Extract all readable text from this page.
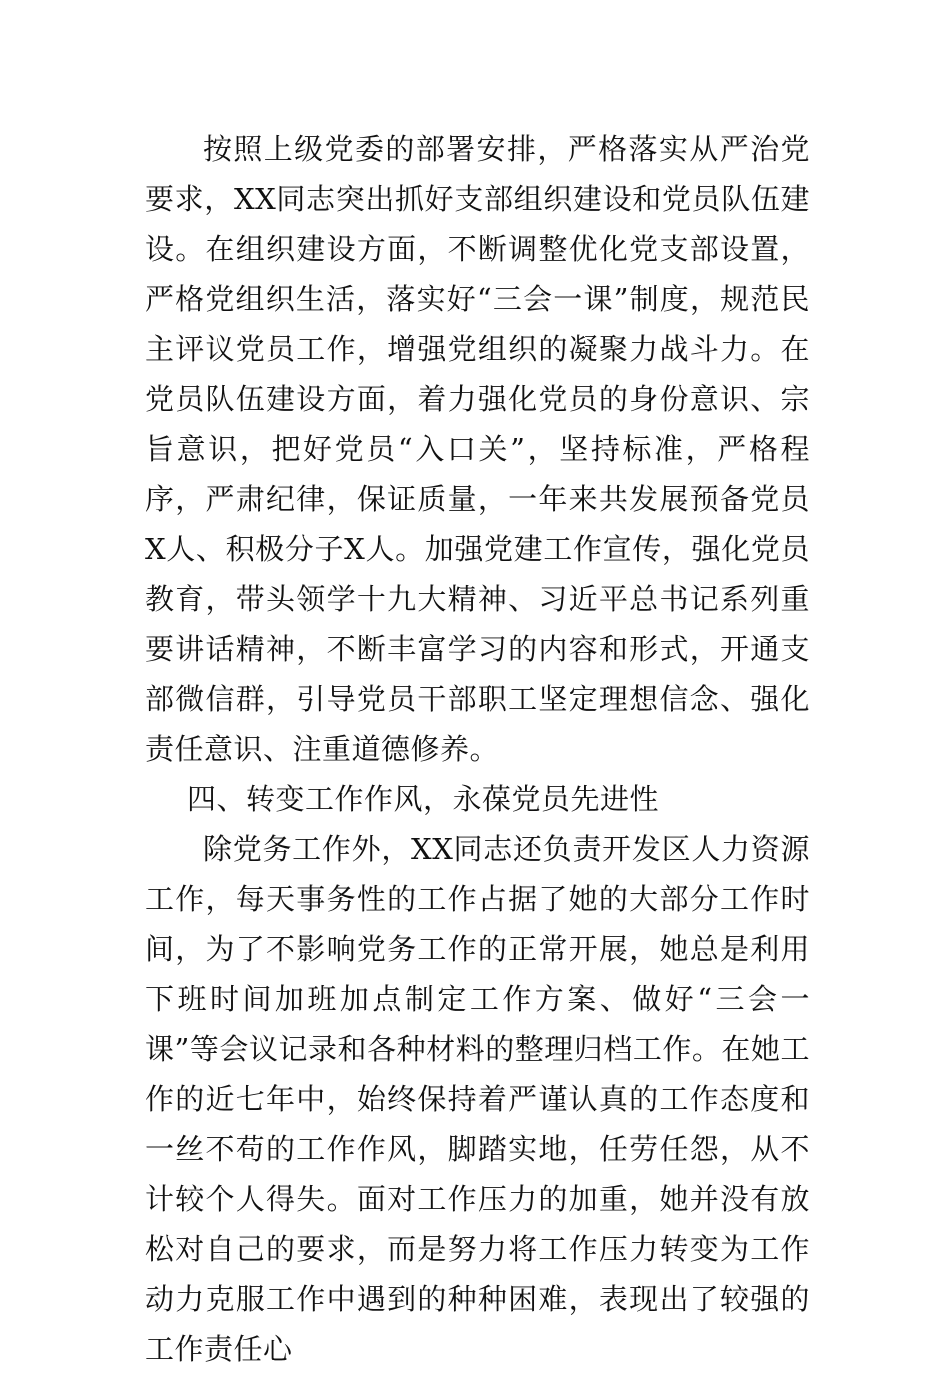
按照上级党委的部署安排，严格落实从严治党要求，XX同志突出抓好支部组织建设和党员队伍建设。在组织建设方面，不断调整优化党支部设置，严格党组织生活，落实好“三会一课”制度，规范民主评议党员工作，增强党组织的凝聚力战斗力。在党员队伍建设方面，着力强化党员的身份意识、宗旨意识，把好党员“入口关”，坚持标准，严格程序，严肃纪律，保证质量，一年来共发展预备党员X人、积极分子X人。加强党建工作宣传，强化党员教育，带头领学十九大精神、习近平总书记系列重要讲话精神，不断丰富学习的内容和形式，开通支部微信群，引导党员干部职工坚定理想信念、强化责任意识、注重道德修养。

四、转变工作作风，永葆党员先进性

除党务工作外，XX同志还负责开发区人力资源工作，每天事务性的工作占据了她的大部分工作时间，为了不影响党务工作的正常开展，她总是利用下班时间加班加点制定工作方案、做好“三会一课”等会议记录和各种材料的整理归档工作。在她工作的近七年中，始终保持着严谨认真的工作态度和一丝不苟的工作作风，脚踏实地，任劳任怨，从不计较个人得失。面对工作压力的加重，她并没有放松对自己的要求，而是努力将工作压力转变为工作动力克服工作中遇到的种种困难，表现出了较强的工作责任心
